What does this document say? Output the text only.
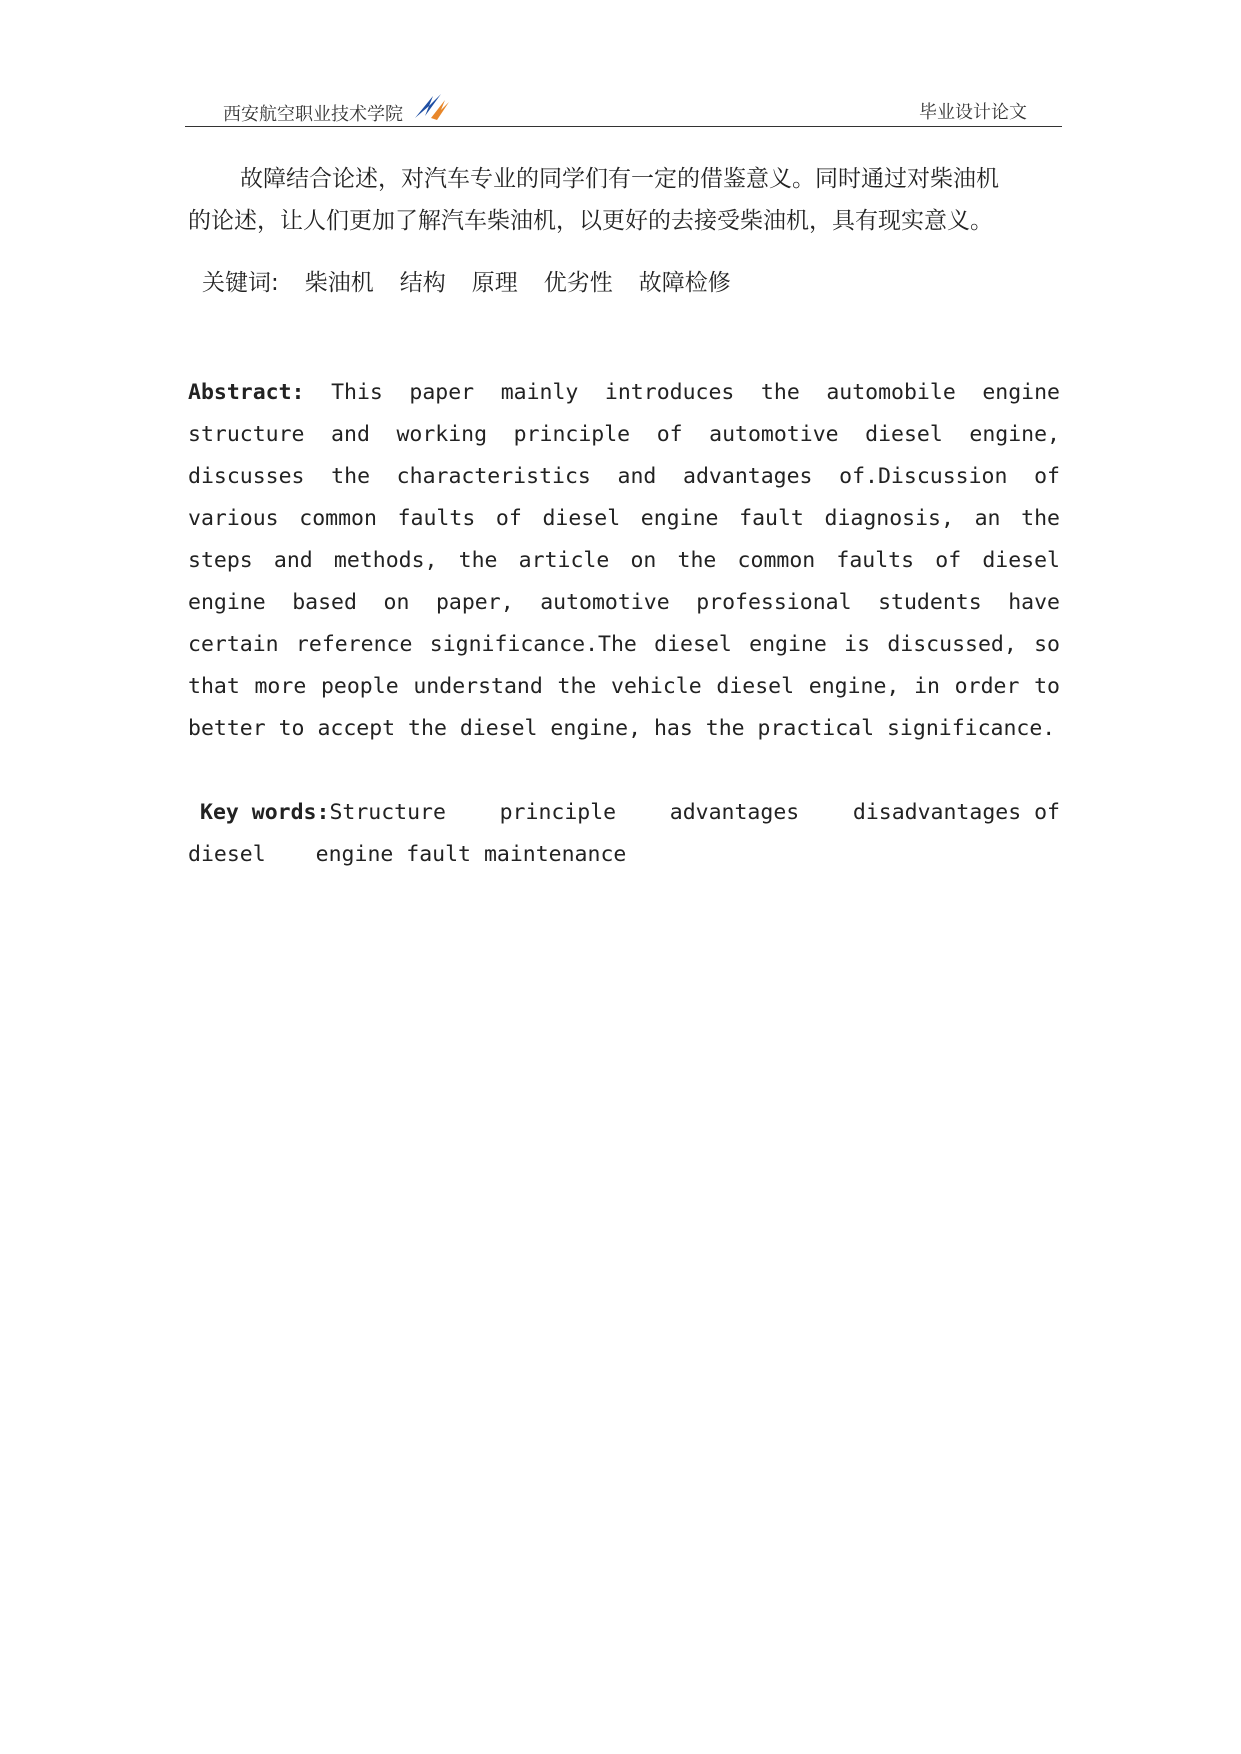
西安航空职业技术学院	毕业设计论文

故障结合论述，对汽车专业的同学们有一定的借鉴意义。同时通过对柴油机

的论述，让人们更加了解汽车柴油机，以更好的去接受柴油机，具有现实意义。

关键词: 柴油机 结构 原理 优劣性 故障检修
Abstract: This paper mainly introduces the automobile engine structure and working principle of automotive diesel engine, discusses the characteristics and advantages of.Discussion of various common faults of diesel engine fault diagnosis, an the steps and methods, the article on the common faults of diesel engine based on paper, automotive professional students have certain reference significance.The diesel engine is discussed, so that more people understand the vehicle diesel engine, in order to better to accept the diesel engine, has the practical significance.
Key words:Structure principle advantages disadvantages of
diesel engine fault maintenance
